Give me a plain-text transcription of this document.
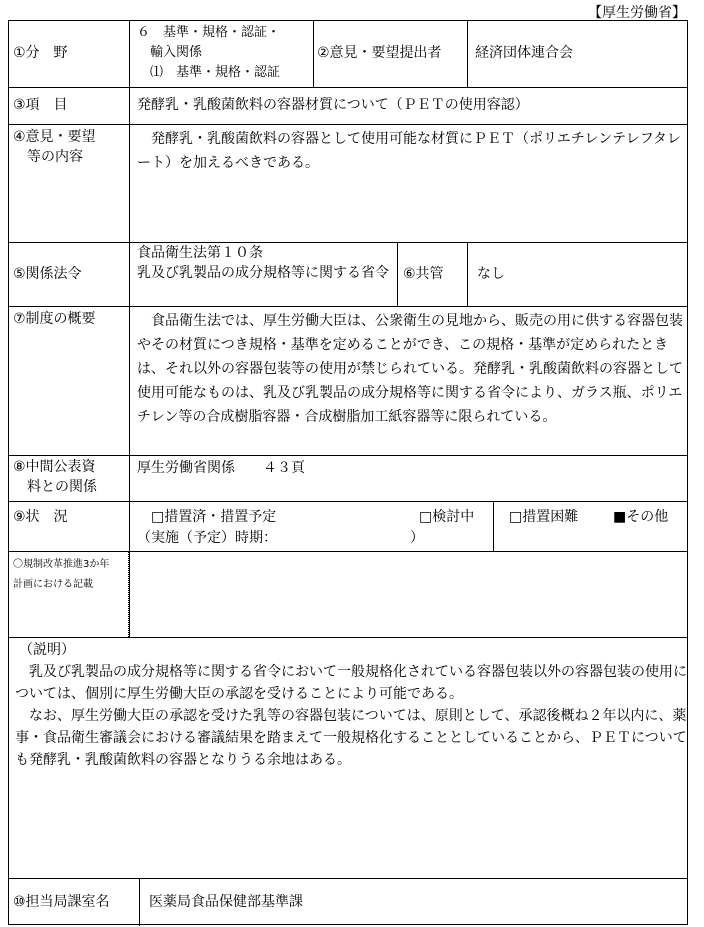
【厚生労働省】
①分　野
６　基準・規格・認証・
　輸入関係
　⑴　基準・規格・認証
②意見・要望提出者	経済団体連合会
③項　目	発酵乳・乳酸菌飲料の容器材質について（ＰＥＴの使用容認）
④意見・要望
　等の内容
発酵乳・乳酸菌飲料の容器として使用可能な材質にＰＥＴ（ポリエチレンテレフタレート）を加えるべきである。
⑤関係法令
食品衛生法第１０条
乳及び乳製品の成分規格等に関する省令	⑥共管	なし
⑦制度の概要	食品衛生法では、厚生労働大臣は、公衆衛生の見地から、販売の用に供する容器包装やその材質につき規格・基準を定めることができ、この規格・基準が定められたときは、それ以外の容器包装等の使用が禁じられている。発酵乳・乳酸菌飲料の容器として使用可能なものは、乳及び乳製品の成分規格等に関する省令により、ガラス瓶、ポリエチレン等の合成樹脂容器・合成樹脂加工紙容器等に限られている。
⑧中間公表資
　料との関係
厚生労働省関係　　４３頁
⑨状　況	□措置済・措置予定
（実施（予定）時期：　　　　　　　　　　）
□検討中	□措置困難	■その他
〇規制改革推進3か年
計画における記載
（説明）
乳及び乳製品の成分規格等に関する省令において一般規格化されている容器包装以外の容器包装の使用については、個別に厚生労働大臣の承認を受けることにより可能である。
なお、厚生労働大臣の承認を受けた乳等の容器包装については、原則として、承認後概ね２年以内に、薬事・食品衛生審議会における審議結果を踏まえて一般規格化することとしていることから、ＰＥＴについても発酵乳・乳酸菌飲料の容器となりうる余地はある。
⑩担当局課室名	医薬局食品保健部基準課
